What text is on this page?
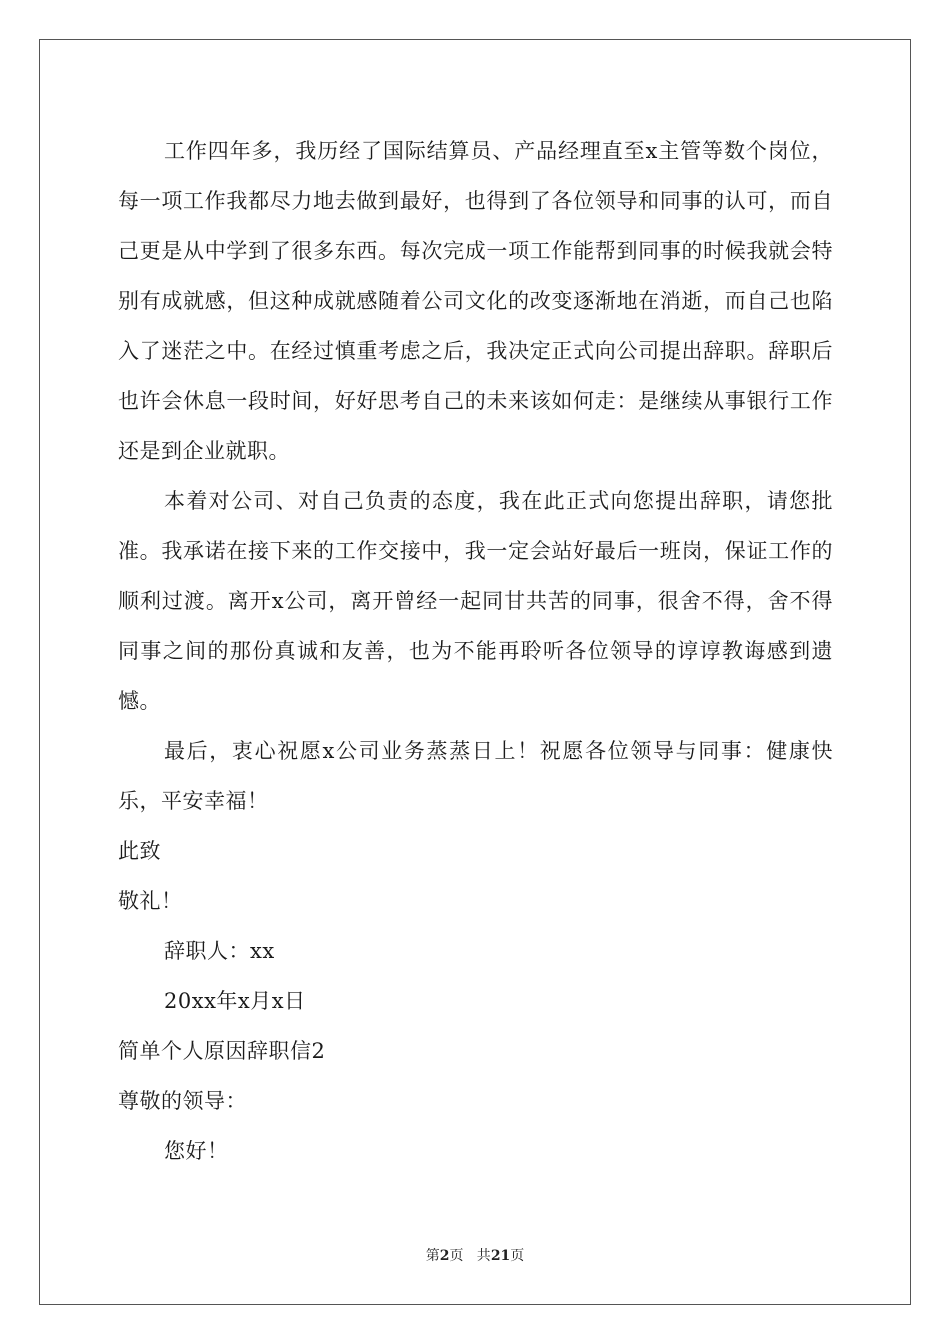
工作四年多，我历经了国际结算员、产品经理直至x主管等数个岗位，每一项工作我都尽力地去做到最好，也得到了各位领导和同事的认可，而自己更是从中学到了很多东西。每次完成一项工作能帮到同事的时候我就会特别有成就感，但这种成就感随着公司文化的改变逐渐地在消逝，而自己也陷入了迷茫之中。在经过慎重考虑之后，我决定正式向公司提出辞职。辞职后也许会休息一段时间，好好思考自己的未来该如何走：是继续从事银行工作还是到企业就职。

本着对公司、对自己负责的态度，我在此正式向您提出辞职，请您批准。我承诺在接下来的工作交接中，我一定会站好最后一班岗，保证工作的顺利过渡。离开x公司，离开曾经一起同甘共苦的同事，很舍不得，舍不得同事之间的那份真诚和友善，也为不能再聆听各位领导的谆谆教诲感到遗憾。

最后，衷心祝愿x公司业务蒸蒸日上！祝愿各位领导与同事：健康快乐，平安幸福！

此致

敬礼！

辞职人：xx

20xx年x月x日

简单个人原因辞职信2

尊敬的领导：

您好！

第2页   共21页
